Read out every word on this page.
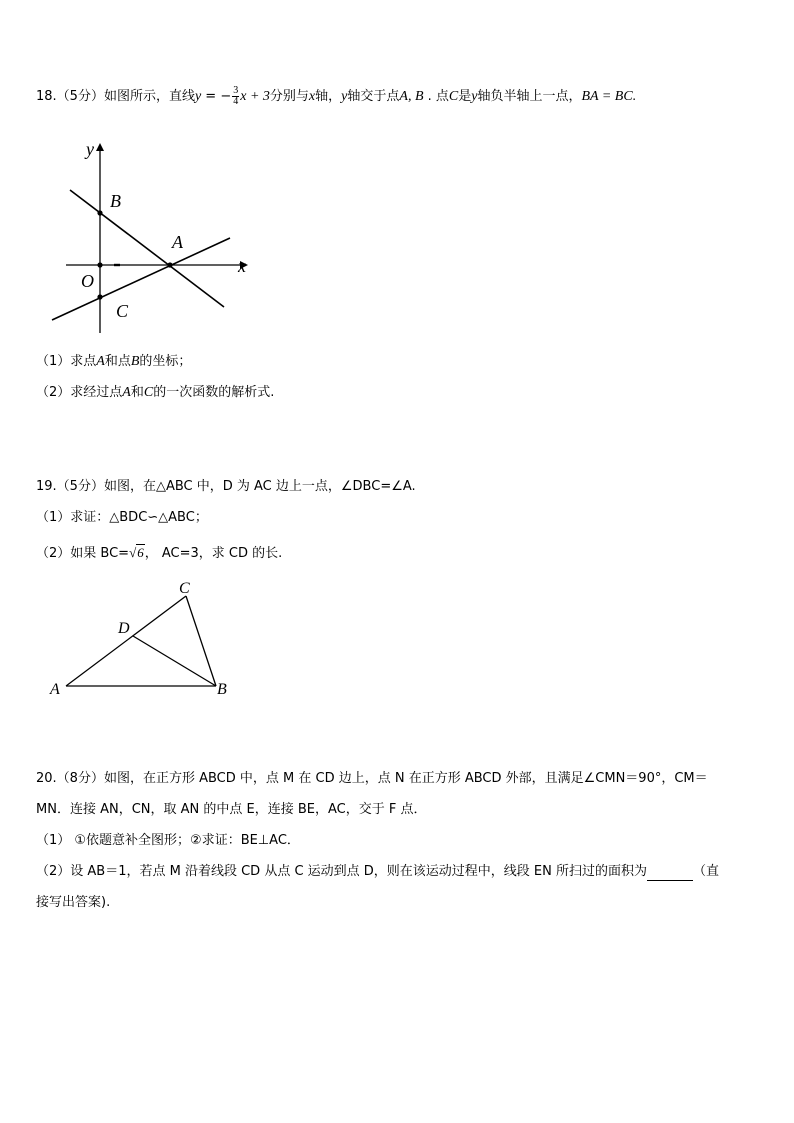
18.（5分）如图所示，直线y = − $\frac{3}{4}$ x + 3分别与x轴，y轴交于点A, B . 点C是y轴负半轴上一点，BA = BC.
y
x
B
A
O
C
（1）求点A和点B的坐标；
（2）求经过点A和C的一次函数的解析式.
19.（5分）如图，在△ABC 中，D 为 AC 边上一点，∠DBC=∠A.
（1）求证：△BDC∽△ABC；
（2）如果 BC=√6， AC=3，求 CD 的长.
C
D
A	B
20.（8分）如图，在正方形 ABCD 中，点 M 在 CD 边上，点 N 在正方形 ABCD 外部，且满足∠CMN＝90°，CM＝
MN．连接 AN，CN，取 AN 的中点 E，连接 BE，AC，交于 F 点．
（1） ①依题意补全图形；②求证：BE⊥AC．
（2）设 AB＝1，若点 M 沿着线段 CD 从点 C 运动到点 D，则在该运动过程中，线段 EN 所扫过的面积为	（直
接写出答案).
